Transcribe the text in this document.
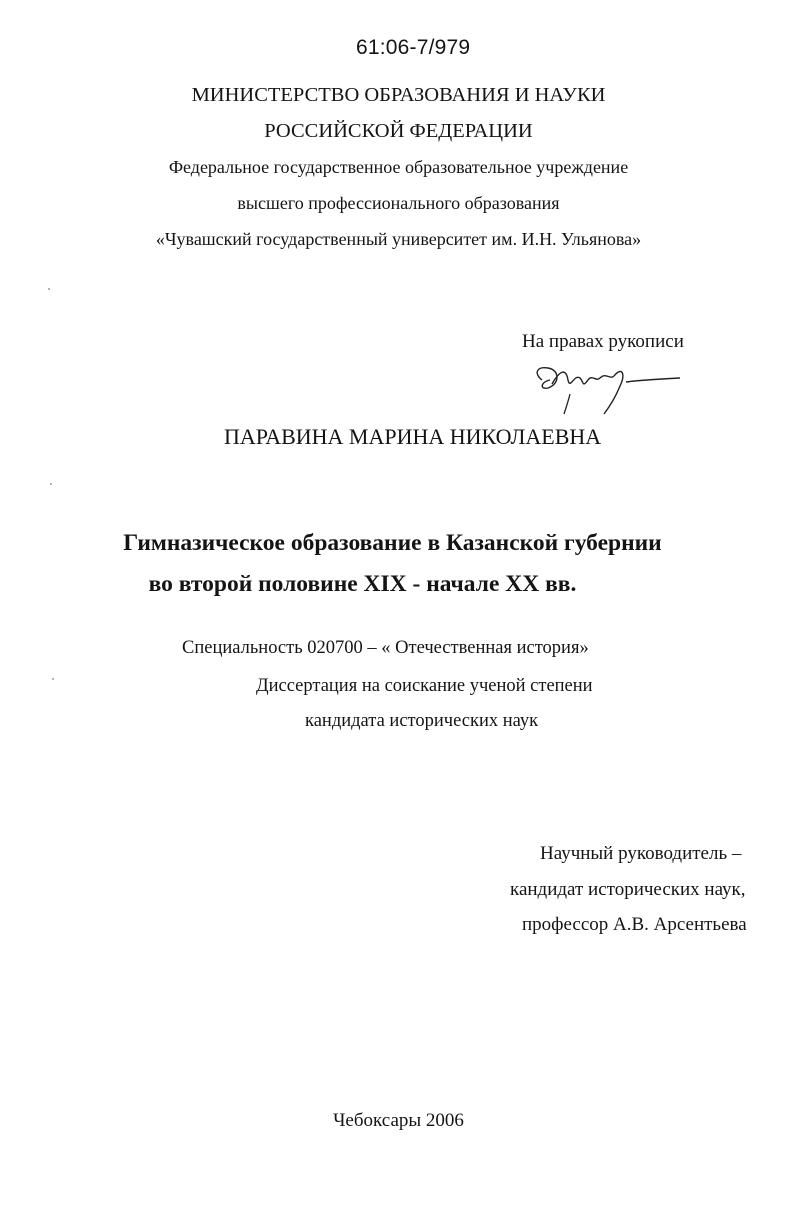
61:06-7/979
МИНИСТЕРСТВО ОБРАЗОВАНИЯ И НАУКИ
РОССИЙСКОЙ ФЕДЕРАЦИИ
Федеральное государственное образовательное учреждение
высшего профессионального образования
«Чувашский государственный университет им. И.Н. Ульянова»
На правах рукописи
ПАРАВИНА МАРИНА НИКОЛАЕВНА
Гимназическое образование в Казанской губернии
во второй половине XIX - начале XX вв.
Специальность 020700 – « Отечественная история»
Диссертация на соискание ученой степени
кандидата исторических наук
Научный руководитель –
кандидат исторических наук,
профессор А.В. Арсентьева
Чебоксары 2006
